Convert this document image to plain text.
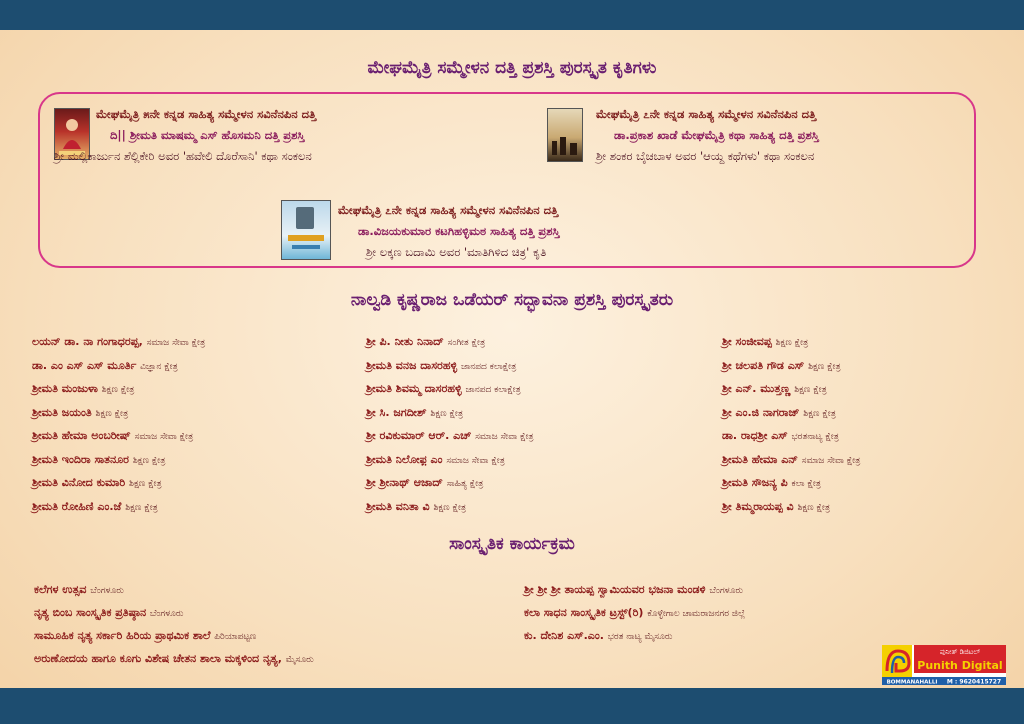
ಮೇಘಮೈತ್ರಿ ಸಮ್ಮೇಳನ ದತ್ತಿ ಪ್ರಶಸ್ತಿ ಪುರಸ್ಕೃತ ಕೃತಿಗಳು
ಮೇಘಮೈತ್ರಿ ೫ನೇ ಕನ್ನಡ ಸಾಹಿತ್ಯ ಸಮ್ಮೇಳನ ಸವಿನೆನಪಿನ ದತ್ತಿ
ದಿ|| ಶ್ರೀಮತಿ ಮಾಷಮ್ಮ ಎಸ್ ಹೊಸಮನಿ ದತ್ತಿ ಪ್ರಶಸ್ತಿ
ಶ್ರೀ ಮಲ್ಲಿಕಾರ್ಜುನ ಶೆಲ್ಲಿಕೇರಿ ಅವರ 'ಹವೇಲಿ ದೊರೆಸಾನಿ' ಕಥಾ ಸಂಕಲನ
ಮೇಘಮೈತ್ರಿ ೭ನೇ ಕನ್ನಡ ಸಾಹಿತ್ಯ ಸಮ್ಮೇಳನ ಸವಿನೆನಪಿನ ದತ್ತಿ
ಡಾ.ಪ್ರಕಾಶ ಖಾಡೆ ಮೇಘಮೈತ್ರಿ ಕಥಾ ಸಾಹಿತ್ಯ ದತ್ತಿ ಪ್ರಶಸ್ತಿ
ಶ್ರೀ ಶಂಕರ ಬೈಚಬಾಳ ಅವರ 'ಆಯ್ದ ಕಥೆಗಳು' ಕಥಾ ಸಂಕಲನ
ಮೇಘಮೈತ್ರಿ ೭ನೇ ಕನ್ನಡ ಸಾಹಿತ್ಯ ಸಮ್ಮೇಳನ ಸವಿನೆನಪಿನ ದತ್ತಿ
ಡಾ.ವಿಜಯಕುಮಾರ ಕಟಗಿಹಳ್ಳಿಮಠ ಸಾಹಿತ್ಯ ದತ್ತಿ ಪ್ರಶಸ್ತಿ
ಶ್ರೀ ಲಕ್ಕಣ ಬದಾಮಿ ಅವರ 'ಮಾತಿಗಿಳಿದ ಚಿತ್ರ' ಕೃತಿ
ನಾಲ್ವಡಿ ಕೃಷ್ಣರಾಜ ಒಡೆಯರ್ ಸದ್ಭಾವನಾ ಪ್ರಶಸ್ತಿ ಪುರಸ್ಕೃತರು
ಲಯನ್ ಡಾ. ನಾ ಗಂಗಾಧರಪ್ಪ, ಸಮಾಜ ಸೇವಾ ಕ್ಷೇತ್ರ
ಡಾ. ಎಂ ಎಸ್ ಎಸ್ ಮೂರ್ತಿ ವಿಜ್ಞಾನ ಕ್ಷೇತ್ರ
ಶ್ರೀಮತಿ ಮಂಜುಳಾ ಶಿಕ್ಷಣ ಕ್ಷೇತ್ರ
ಶ್ರೀಮತಿ ಜಯಂತಿ ಶಿಕ್ಷಣ ಕ್ಷೇತ್ರ
ಶ್ರೀಮತಿ ಹೇಮಾ ಅಂಬರೀಷ್ ಸಮಾಜ ಸೇವಾ ಕ್ಷೇತ್ರ
ಶ್ರೀಮತಿ ಇಂದಿರಾ ಸಾತನೂರ ಶಿಕ್ಷಣ ಕ್ಷೇತ್ರ
ಶ್ರೀಮತಿ ವಿನೋದ ಕುಮಾರಿ ಶಿಕ್ಷಣ ಕ್ಷೇತ್ರ
ಶ್ರೀಮತಿ ರೋಹಿಣಿ ಎಂ.ಜೆ ಶಿಕ್ಷಣ ಕ್ಷೇತ್ರ
ಶ್ರೀ ಪಿ. ನೀತು ನಿನಾದ್ ಸಂಗೀತ ಕ್ಷೇತ್ರ
ಶ್ರೀಮತಿ ವನಜ ದಾಸರಹಳ್ಳಿ ಜಾನಪದ ಕಲಾಕ್ಷೇತ್ರ
ಶ್ರೀಮತಿ ಶಿವಮ್ಮ ದಾಸರಹಳ್ಳಿ ಜಾನಪದ ಕಲಾಕ್ಷೇತ್ರ
ಶ್ರೀ ಸಿ. ಜಗದೀಶ್ ಶಿಕ್ಷಣ ಕ್ಷೇತ್ರ
ಶ್ರೀ ರವಿಕುಮಾರ್ ಆರ್. ಎಚ್ ಸಮಾಜ ಸೇವಾ ಕ್ಷೇತ್ರ
ಶ್ರೀಮತಿ ನಿಲೋಫ಼ ಎಂ ಸಮಾಜ ಸೇವಾ ಕ್ಷೇತ್ರ
ಶ್ರೀ ಶ್ರೀನಾಥ್ ಆಜಾದ್ ಸಾಹಿತ್ಯ ಕ್ಷೇತ್ರ
ಶ್ರೀಮತಿ ವನಿತಾ ವಿ ಶಿಕ್ಷಣ ಕ್ಷೇತ್ರ
ಶ್ರೀ ಸಂಜೀವಪ್ಪ ಶಿಕ್ಷಣ ಕ್ಷೇತ್ರ
ಶ್ರೀ ಚಲಪತಿ ಗೌಡ ಎಸ್ ಶಿಕ್ಷಣ ಕ್ಷೇತ್ರ
ಶ್ರೀ ಎನ್. ಮುತ್ತಣ್ಣ ಶಿಕ್ಷಣ ಕ್ಷೇತ್ರ
ಶ್ರೀ ಎಂ.ಜಿ ನಾಗರಾಜ್ ಶಿಕ್ಷಣ ಕ್ಷೇತ್ರ
ಡಾ. ರಾಧಶ್ರೀ ಎಸ್ ಭರತನಾಟ್ಯ ಕ್ಷೇತ್ರ
ಶ್ರೀಮತಿ ಹೇಮಾ ಎನ್ ಸಮಾಜ ಸೇವಾ ಕ್ಷೇತ್ರ
ಶ್ರೀಮತಿ ಸೌಜನ್ಯ ಪಿ ಕಲಾ ಕ್ಷೇತ್ರ
ಶ್ರೀ ತಿಮ್ಮರಾಯಪ್ಪ ವಿ ಶಿಕ್ಷಣ ಕ್ಷೇತ್ರ
ಸಾಂಸ್ಕೃತಿಕ ಕಾರ್ಯಕ್ರಮ
ಕಲೆಗಳ ಉತ್ಸವ ಬೆಂಗಳೂರು
ನೃತ್ಯ ಬಿಂಬ ಸಾಂಸ್ಕೃತಿಕ ಪ್ರತಿಷ್ಠಾನ ಬೆಂಗಳೂರು
ಸಾಮೂಹಿಕ ನೃತ್ಯ ಸರ್ಕಾರಿ ಹಿರಿಯ ಪ್ರಾಥಮಿಕ ಶಾಲೆ ಪಿರಿಯಾಪಟ್ಟಣ
ಅರುಣೋದಯ ಹಾಗೂ ಕೂಗು ವಿಶೇಷ ಚೇತನ ಶಾಲಾ ಮಕ್ಕಳಿಂದ ನೃತ್ಯ, ಮೈಸೂರು
ಶ್ರೀ ಶ್ರೀ ಶ್ರೀ ತಾಯಪ್ಪ ಸ್ವಾಮಿಯವರ ಭಜನಾ ಮಂಡಳಿ ಬೆಂಗಳೂರು
ಕಲಾ ಸಾಧನ ಸಾಂಸ್ಕೃತಿಕ ಟ್ರಸ್ಟ್(ರಿ) ಕೊಳ್ಳೇಗಾಲ ಚಾಮರಾಜನಗರ ಜಿಲ್ಲೆ
ಕು. ದೇನಿಶ ಎಸ್.ಎಂ. ಭರತ ನಾಟ್ಯ ಮೈಸೂರು
ಪುನೀತ್ ಡಿಜಿಟಲ್
Punith Digital
BOMMANAHALLI M : 9620415727
